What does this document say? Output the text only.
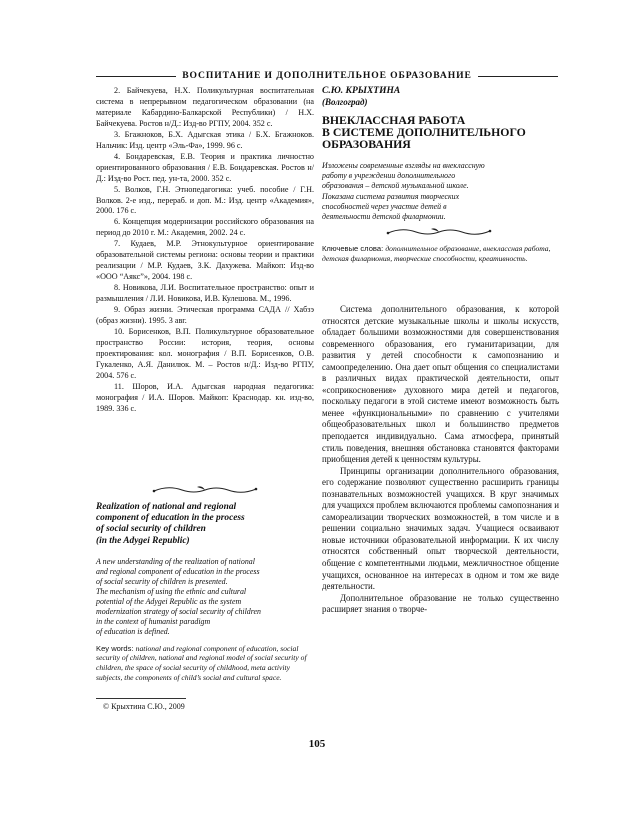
ВОСПИТАНИЕ И ДОПОЛНИТЕЛЬНОЕ ОБРАЗОВАНИЕ

2. Байчекуева, Н.Х. Поликультурная воспитательная система в непрерывном педагогическом образовании (на материале Кабардино-Балкарской Республики) / Н.Х. Байчекуева. Ростов н/Д.: Изд-во РГПУ, 2004. 352 с.

3. Бгажноков, Б.Х. Адыгская этика / Б.Х. Бгажноков. Нальчик: Изд. центр «Эль-Фа», 1999. 96 с.

4. Бондаревская, Е.В. Теория и практика личностно ориентированного образования / Е.В. Бондаревская. Ростов н/Д.: Изд-во Рост. пед. ун-та, 2000. 352 с.

5. Волков, Г.Н. Этнопедагогика: учеб. пособие / Г.Н. Волков. 2-е изд., перераб. и доп. М.: Изд. центр «Академия», 2000. 176 с.

6. Концепция модернизации российского образования на период до 2010 г. М.: Академия, 2002. 24 с.

7. Кудаев, М.Р. Этнокультурное ориентирование образовательной системы региона: основы теории и практики реализации / М.Р. Кудаев, З.К. Дахужева. Майкоп: Изд-во «ООО “Аякс”», 2004. 198 с.

8. Новикова, Л.И. Воспитательное пространство: опыт и размышления / Л.И. Новикова, И.В. Кулешова. М., 1996.

9. Образ жизни. Этическая программа САДА // Хабзэ (образ жизни). 1995. 3 авг.

10. Борисенков, В.П. Поликультурное образовательное пространство России: история, теория, основы проектирования: кол. монография / В.П. Борисенков, О.В. Гукаленко, А.Я. Данилюк. М. – Ростов н/Д.: Изд-во РГПУ, 2004. 576 с.

11. Шоров, И.А. Адыгская народная педагогика: монография / И.А. Шоров. Майкоп: Краснодар. кн. изд-во, 1989. 336 с.

Realization of national and regional
component of education in the process
of social security of children
(in the Adygei Republic)

A new understanding of the realization of national
and regional component of education in the process
of social security of children is presented.
The mechanism of using the ethnic and cultural
potential of the Adygei Republic as the system
modernization strategy of social security of children
in the context of humanist paradigm
of education is defined.

Key words: national and regional component of education, social security of children, national and regional model of social security of children, the space of social security of childhood, meta activity subjects, the components of child’s social and cultural space.

С.Ю. КРЫХТИНА

(Волгоград)

ВНЕКЛАССНАЯ РАБОТА
В СИСТЕМЕ ДОПОЛНИТЕЛЬНОГО
ОБРАЗОВАНИЯ

Изложены современные взгляды на внеклассную
работу в учреждении дополнительного
образования – детской музыкальной школе.
Показана система развития творческих
способностей через участие детей в
деятельности детской филармонии.

Ключевые слова: дополнительное образование, внеклассная работа, детская филармония, творческие способности, креативность.

Система дополнительного образования, к которой относятся детские музыкальные школы и школы искусств, обладает большими возможностями для совершенствования современного образования, его гуманитаризации, для развития у детей способности к самопознанию и самоопределению. Она дает опыт общения со специалистами в различных видах практической деятельности, опыт «соприкосновения» духовного мира детей и педагогов, поскольку педагоги в этой системе имеют возможность быть менее «функциональными» по сравнению с учителями общеобразовательных школ и большинство предметов преподается индивидуально. Сама атмосфера, принятый стиль поведения, внешняя обстановка становятся факторами приобщения детей к ценностям культуры.

Принципы организации дополнительного образования, его содержание позволяют существенно расширить границы познавательных возможностей учащихся. В круг значимых для учащихся проблем включаются проблемы самопознания и самореализации творческих возможностей, в том числе и в решении социально значимых задач. Учащиеся осваивают новые источники образовательной информации. К их числу относятся собственный опыт творческой деятельности, общение с компетентными людьми, межличностное общение учащихся, основанное на интересах в одном и том же виде деятельности.

Дополнительное образование не только существенно расширяет знания о творче-

© Крыхтина С.Ю., 2009
105
